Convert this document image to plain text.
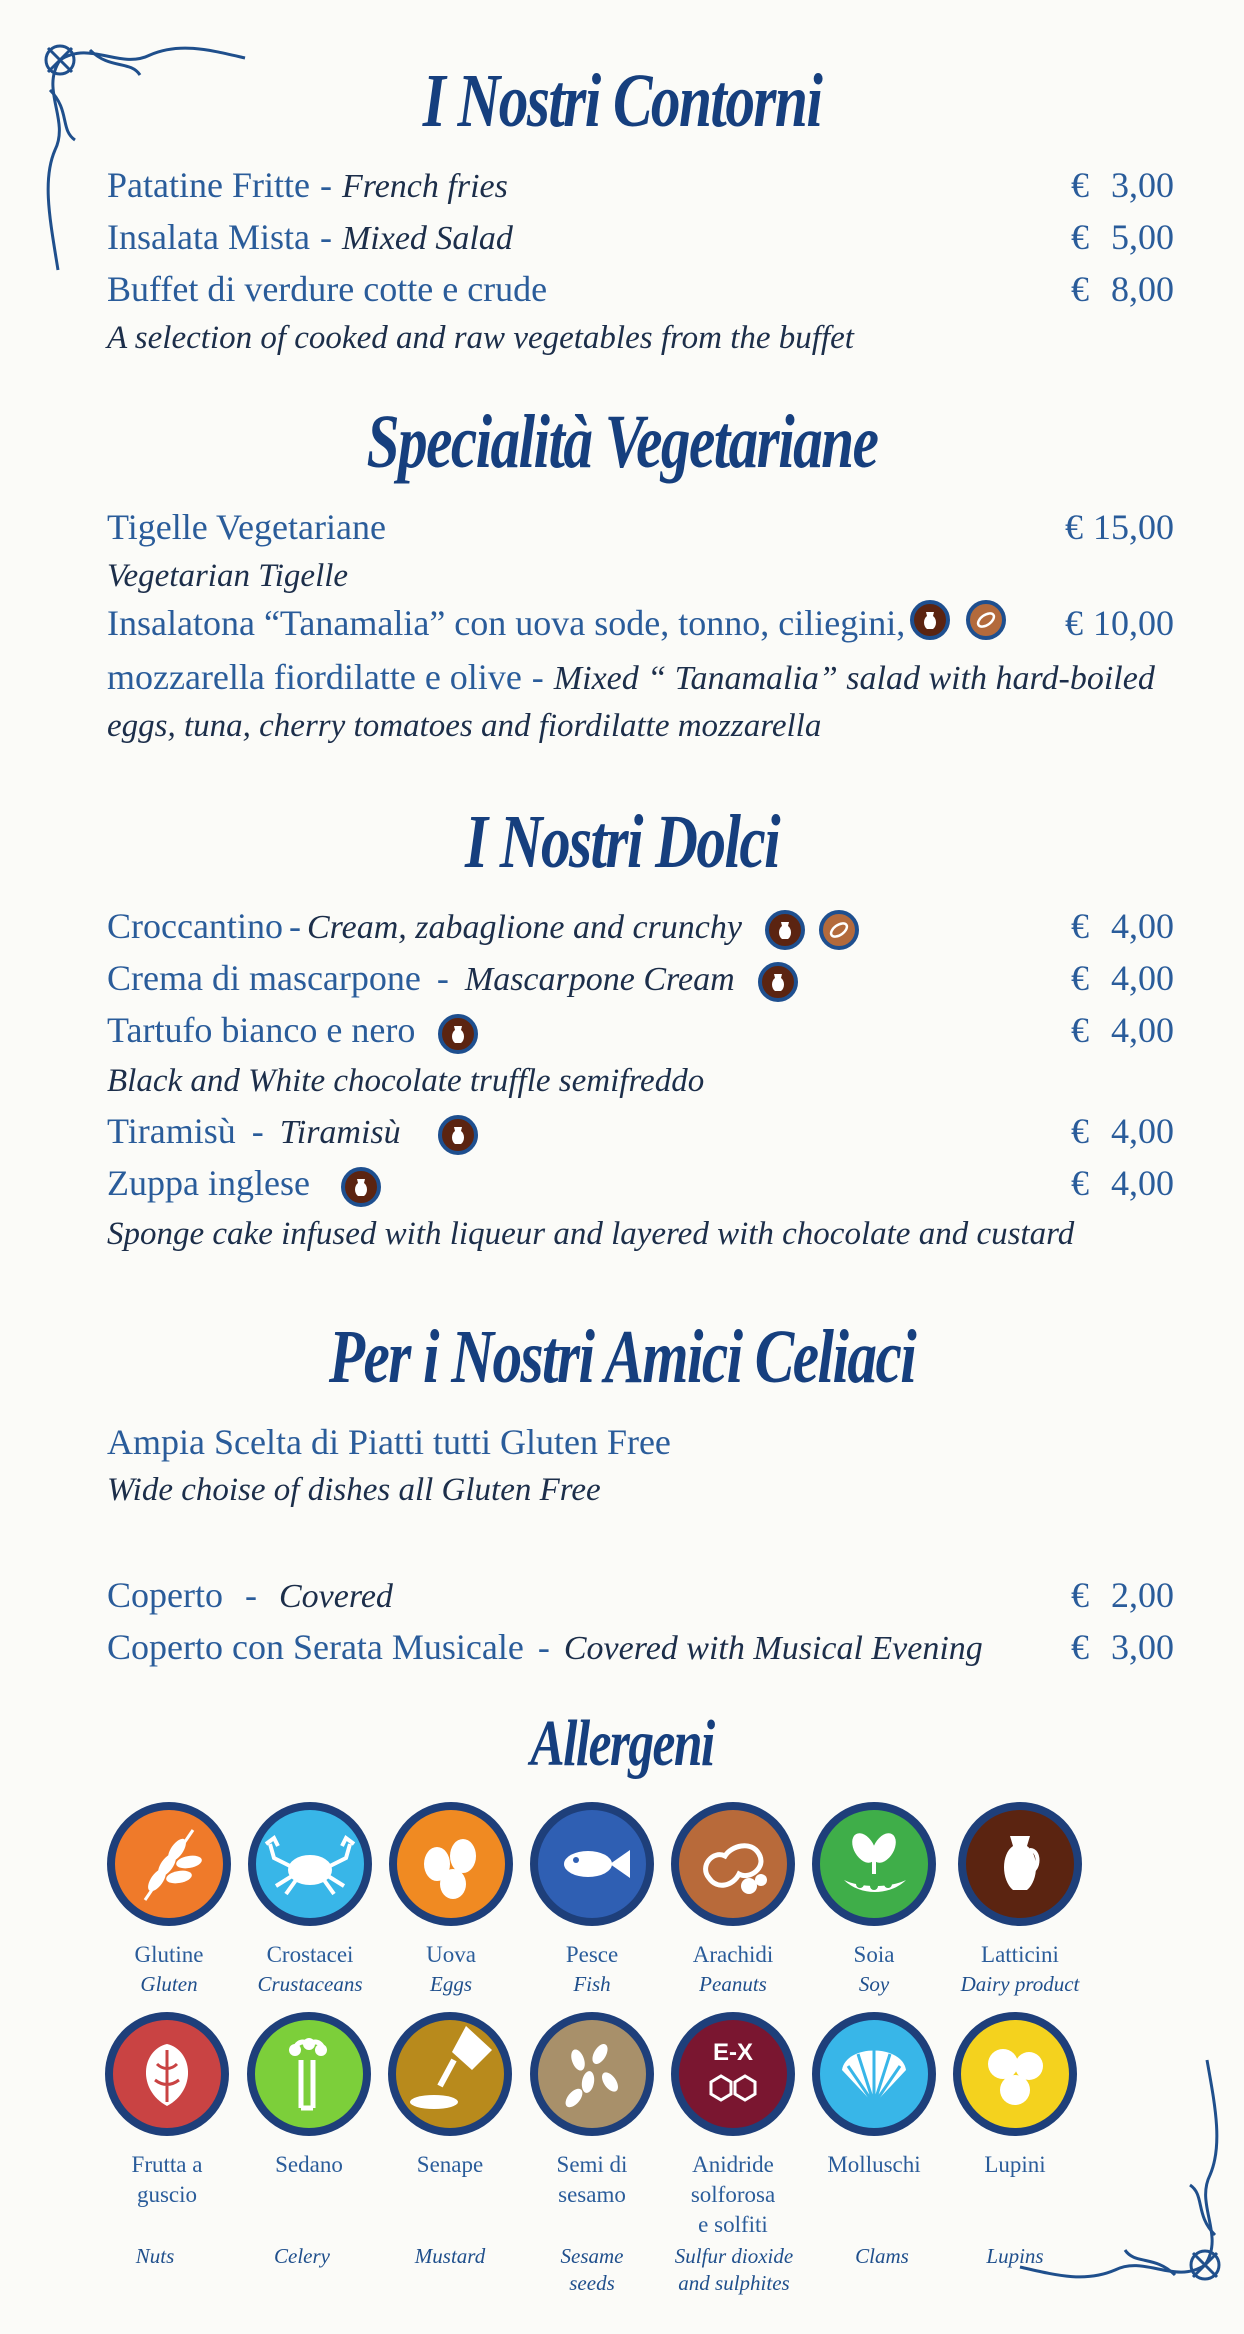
I Nostri Contorni
Patatine Fritte - French fries	€ 3,00
Insalata Mista - Mixed Salad	€ 5,00
Buffet di verdure cotte e crude	€ 8,00
A selection of cooked and raw vegetables from the buffet
Specialità Vegetariane
Tigelle Vegetariane	€ 15,00
Vegetarian Tigelle
Insalatona “Tanamalia” con uova sode, tonno, ciliegini,	€ 10,00
mozzarella fiordilatte e olive - Mixed “ Tanamalia” salad with hard-boiled
eggs, tuna, cherry tomatoes and fiordilatte mozzarella
I Nostri Dolci
Croccantino - Cream, zabaglione and crunchy	€ 4,00
Crema di mascarpone - Mascarpone Cream	€ 4,00
Tartufo bianco e nero	€ 4,00
Black and White chocolate truffle semifreddo
Tiramisù - Tiramisù	€ 4,00
Zuppa inglese	€ 4,00
Sponge cake infused with liqueur and layered with chocolate and custard
Per i Nostri Amici Celiaci
Ampia Scelta di Piatti tutti Gluten Free
Wide choise of dishes all Gluten Free
Coperto - Covered	€ 2,00
Coperto con Serata Musicale - Covered with Musical Evening € 3,00
Allergeni
Glutine
Gluten
Crostacei
Crustaceans
Uova
Eggs
Pesce
Fish
Arachidi
Peanuts
Soia
Soy
Latticini
Dairy product
Frutta a
guscio
Sedano	Senape	Semi di
sesamo
E-X
Anidride
solforosa
e solfiti
Molluschi	Lupini
Nuts	Celery	Mustard	Sesame
seeds
Sulfur dioxide
and sulphites
Clams	Lupins
